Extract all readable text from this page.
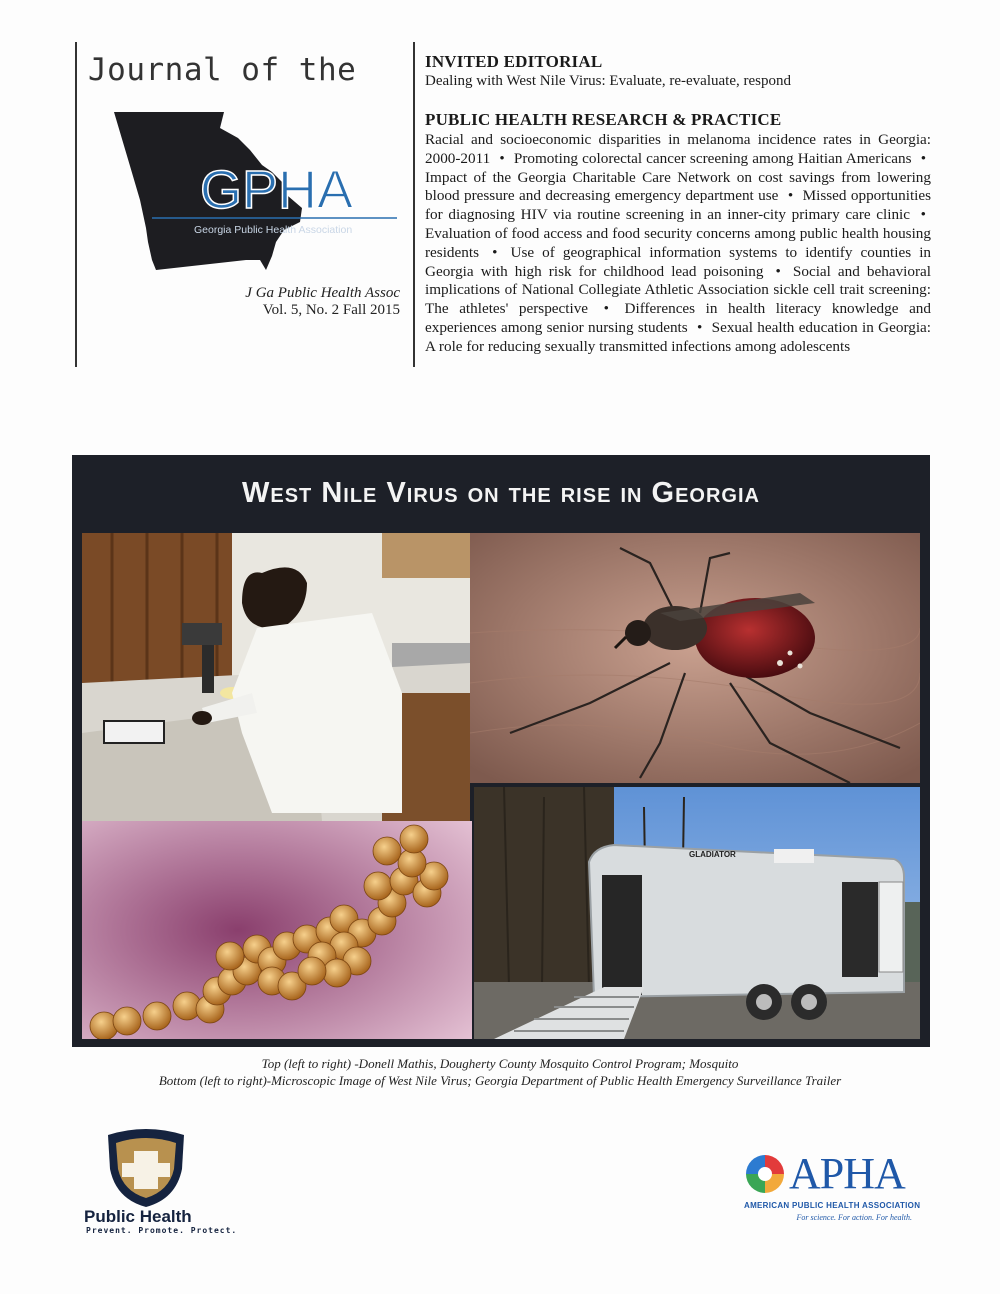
Journal of the
GPHA
Georgia Public Health Association
J Ga Public Health Assoc
Vol. 5, No. 2 Fall 2015
INVITED EDITORIAL
Dealing with West Nile Virus: Evaluate, re-evaluate, respond
PUBLIC HEALTH RESEARCH & PRACTICE
Racial and socioeconomic disparities in melanoma incidence rates in Georgia: 2000-2011 • Promoting colorectal cancer screening among Haitian Americans • Impact of the Georgia Charitable Care Network on cost savings from lowering blood pressure and decreasing emergency department use • Missed opportunities for diagnosing HIV via routine screening in an inner-city primary care clinic • Evaluation of food access and food security concerns among public health housing residents • Use of geographical information systems to identify counties in Georgia with high risk for childhood lead poisoning • Social and behavioral implications of National Collegiate Athletic Association sickle cell trait screening: The athletes' perspective • Differences in health literacy knowledge and experiences among senior nursing students • Sexual health education in Georgia: A role for reducing sexually transmitted infections among adolescents
West Nile Virus on the rise in Georgia
GLADIATOR
Top (left to right) -Donell Mathis, Dougherty County Mosquito Control Program; Mosquito
Bottom (left to right)-Microscopic Image of West Nile Virus; Georgia Department of Public Health Emergency Surveillance Trailer
Public Health
Prevent. Promote. Protect.
APHA
AMERICAN PUBLIC HEALTH ASSOCIATION
For science. For action. For health.
